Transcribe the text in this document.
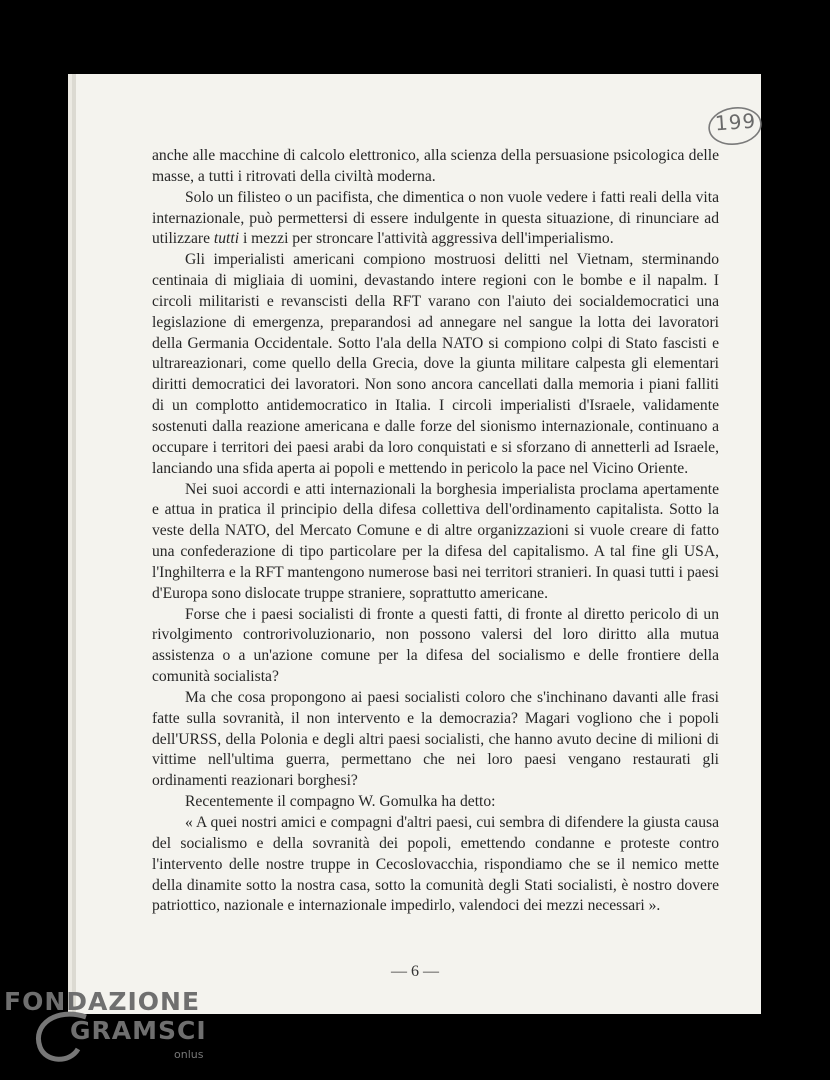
199

anche alle macchine di calcolo elettronico, alla scienza della persuasione psicologica delle masse, a tutti i ritrovati della civiltà moderna.

Solo un filisteo o un pacifista, che dimentica o non vuole vedere i fatti reali della vita internazionale, può permettersi di essere indulgente in questa situazione, di rinunciare ad utilizzare tutti i mezzi per stroncare l'attività aggressiva dell'imperialismo.

Gli imperialisti americani compiono mostruosi delitti nel Vietnam, sterminando centinaia di migliaia di uomini, devastando intere regioni con le bombe e il napalm. I circoli militaristi e revanscisti della RFT varano con l'aiuto dei socialdemocratici una legislazione di emergenza, preparandosi ad annegare nel sangue la lotta dei lavoratori della Germania Occidentale. Sotto l'ala della NATO si compiono colpi di Stato fascisti e ultrareazionari, come quello della Grecia, dove la giunta militare calpesta gli elementari diritti democratici dei lavoratori. Non sono ancora cancellati dalla memoria i piani falliti di un complotto antidemocratico in Italia. I circoli imperialisti d'Israele, validamente sostenuti dalla reazione americana e dalle forze del sionismo internazionale, continuano a occupare i territori dei paesi arabi da loro conquistati e si sforzano di annetterli ad Israele, lanciando una sfida aperta ai popoli e mettendo in pericolo la pace nel Vicino Oriente.

Nei suoi accordi e atti internazionali la borghesia imperialista proclama apertamente e attua in pratica il principio della difesa collettiva dell'ordinamento capitalista. Sotto la veste della NATO, del Mercato Comune e di altre organizzazioni si vuole creare di fatto una confederazione di tipo particolare per la difesa del capitalismo. A tal fine gli USA, l'Inghilterra e la RFT mantengono numerose basi nei territori stranieri. In quasi tutti i paesi d'Europa sono dislocate truppe straniere, soprattutto americane.

Forse che i paesi socialisti di fronte a questi fatti, di fronte al diretto pericolo di un rivolgimento controrivoluzionario, non possono valersi del loro diritto alla mutua assistenza o a un'azione comune per la difesa del socialismo e delle frontiere della comunità socialista?

Ma che cosa propongono ai paesi socialisti coloro che s'inchinano davanti alle frasi fatte sulla sovranità, il non intervento e la democrazia? Magari vogliono che i popoli dell'URSS, della Polonia e degli altri paesi socialisti, che hanno avuto decine di milioni di vittime nell'ultima guerra, permettano che nei loro paesi vengano restaurati gli ordinamenti reazionari borghesi?

Recentemente il compagno W. Gomulka ha detto:

« A quei nostri amici e compagni d'altri paesi, cui sembra di difendere la giusta causa del socialismo e della sovranità dei popoli, emettendo condanne e proteste contro l'intervento delle nostre truppe in Cecoslovacchia, rispondiamo che se il nemico mette della dinamite sotto la nostra casa, sotto la comunità degli Stati socialisti, è nostro dovere patriottico, nazionale e internazionale impedirlo, valendoci dei mezzi necessari ».

— 6 —
FONDAZIONE
GRAMSCI
onlus
